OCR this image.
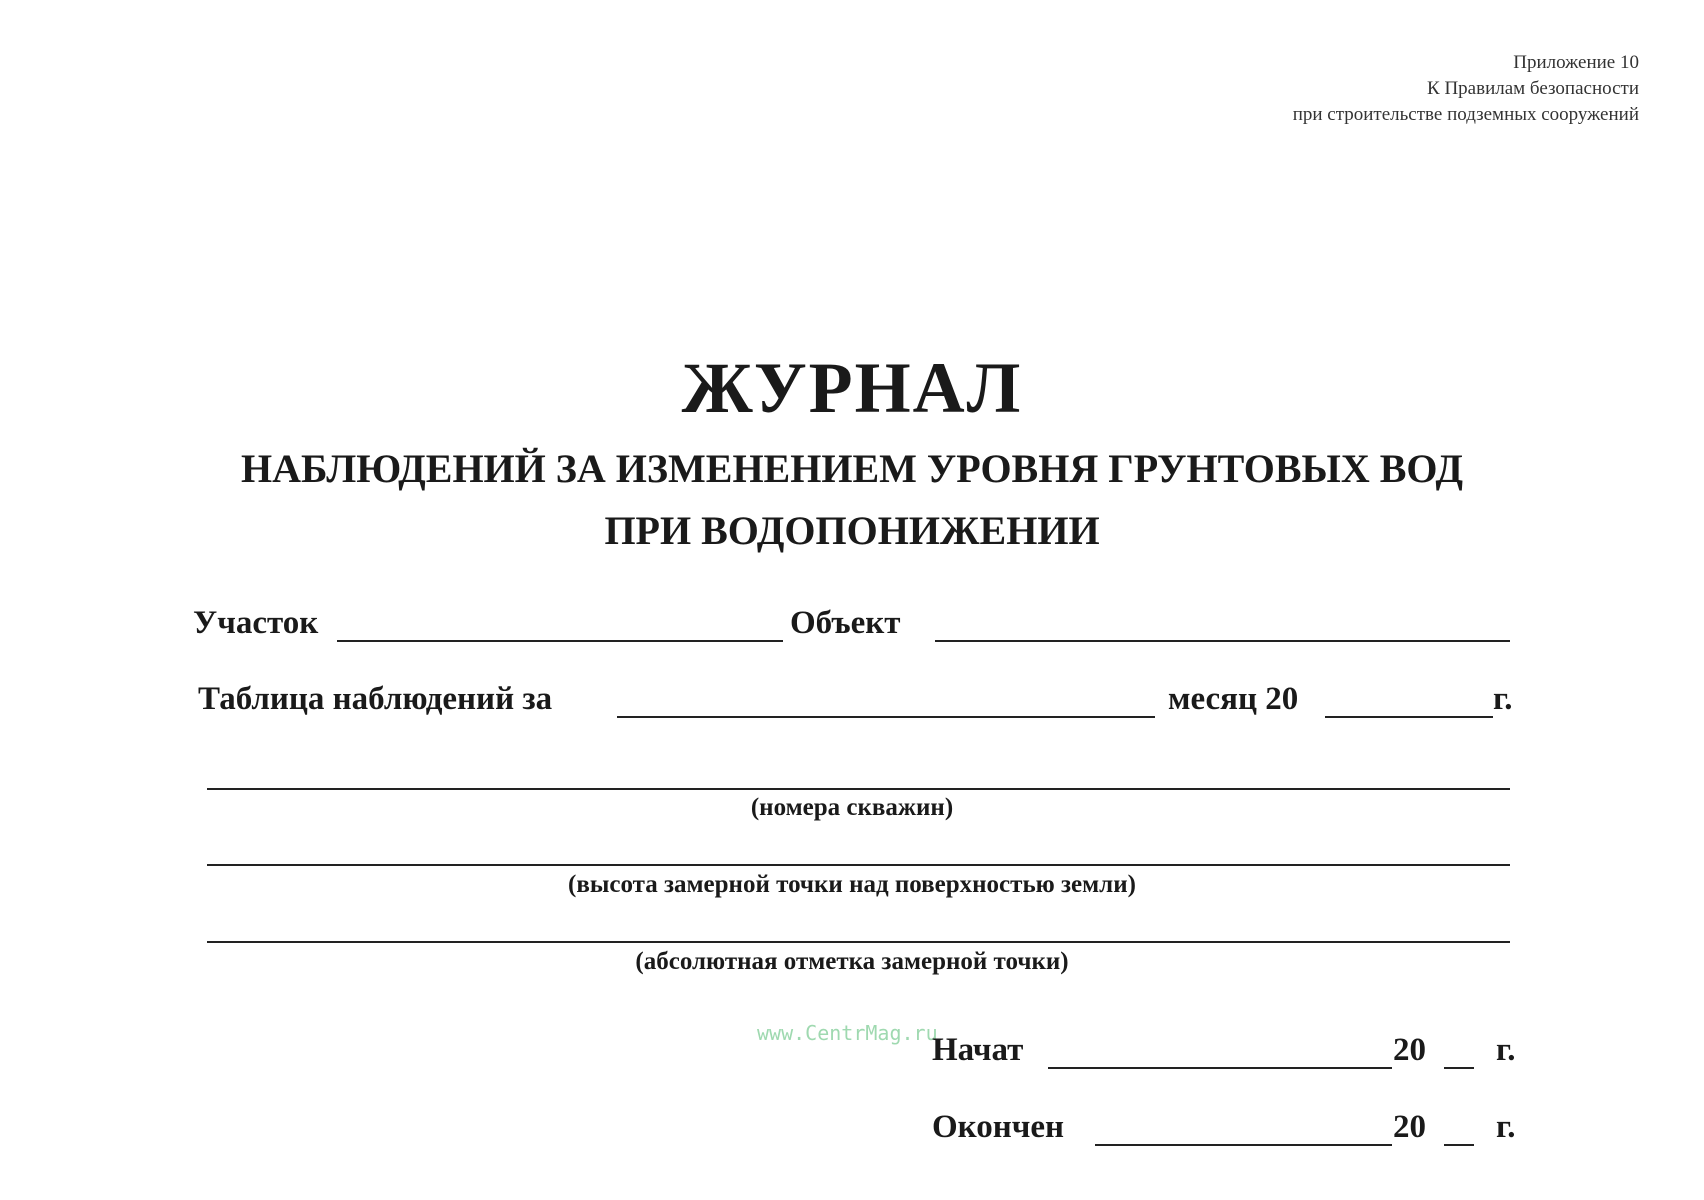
Приложение 10
К Правилам безопасности
при строительстве подземных сооружений
ЖУРНАЛ
НАБЛЮДЕНИЙ ЗА ИЗМЕНЕНИЕМ УРОВНЯ ГРУНТОВЫХ ВОД
ПРИ ВОДОПОНИЖЕНИИ
Участок	Объект
Таблица наблюдений за	месяц 20	г.
(номера скважин)
(высота замерной точки над поверхностью земли)
(абсолютная отметка замерной точки)
www.CentrMag.ru
Начат	20 г.
Окончен	20 г.
